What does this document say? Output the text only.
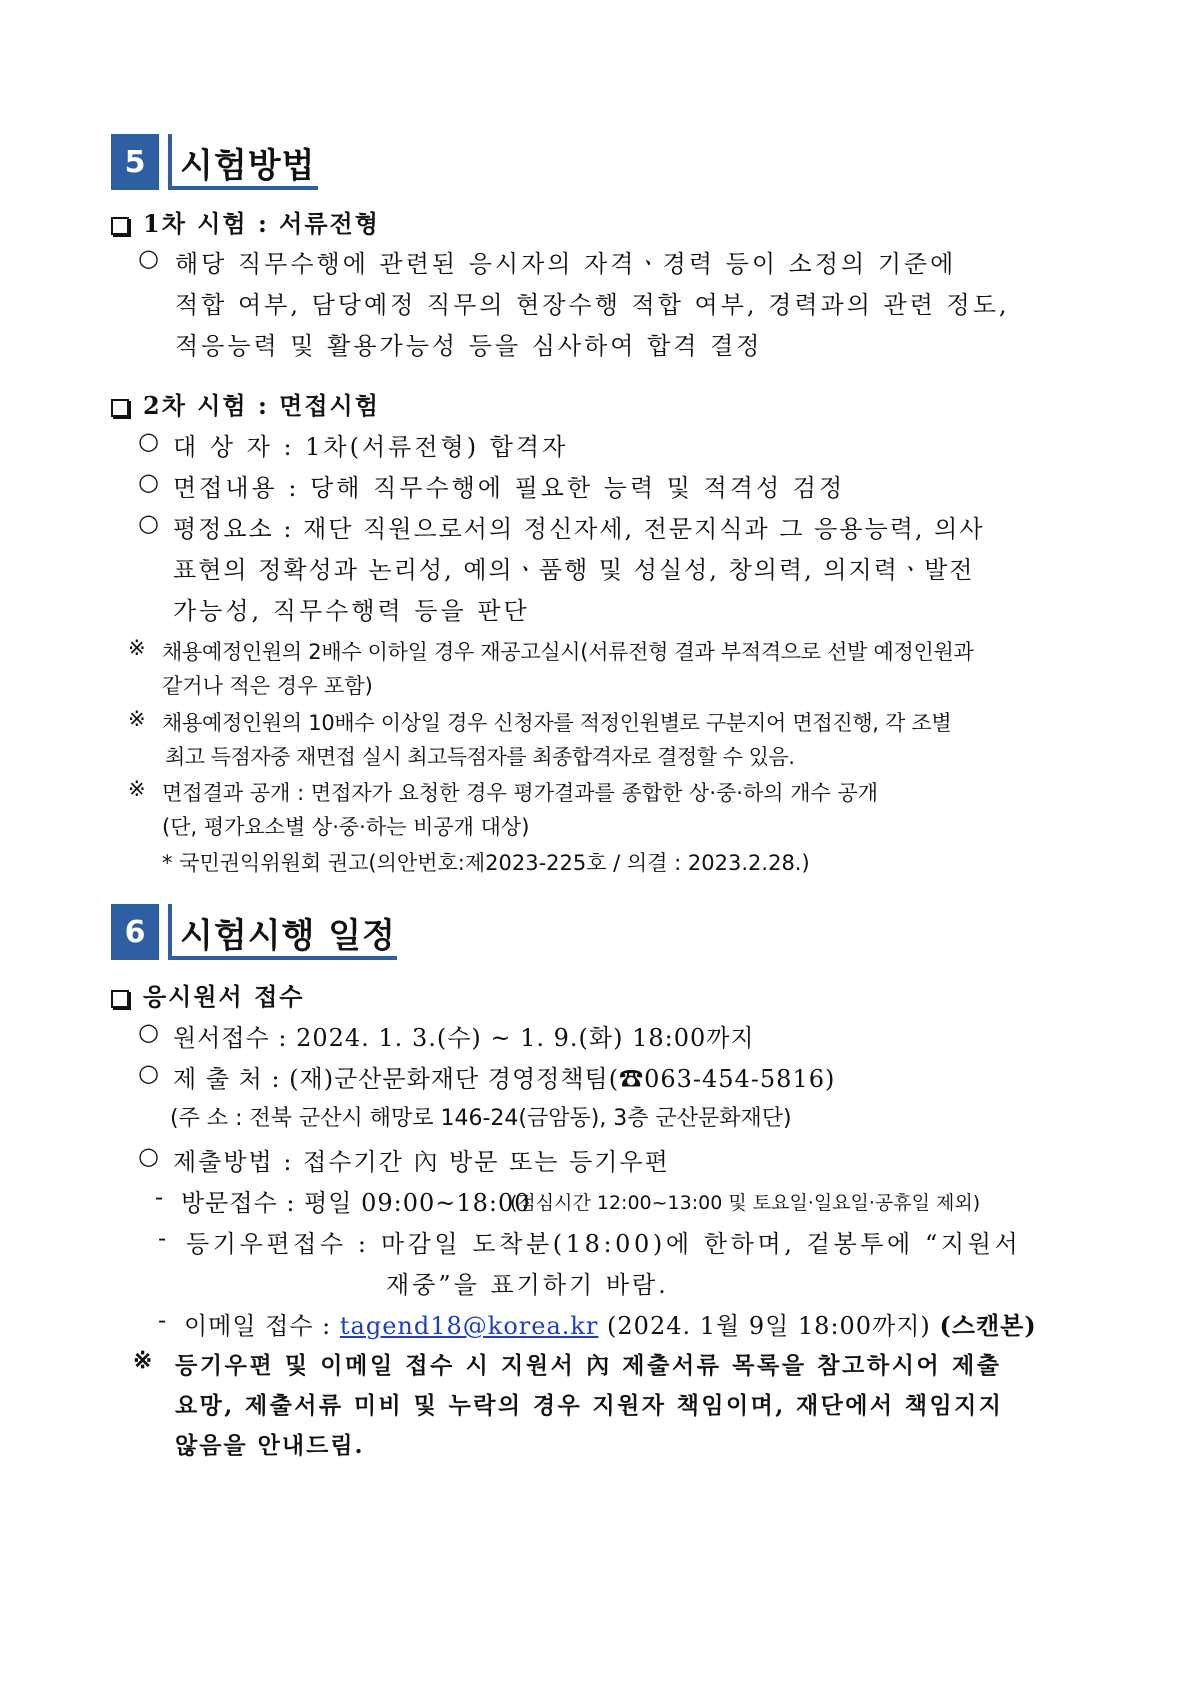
5	시험방법
1차 시험 : 서류전형
○ 해당 직무수행에 관련된 응시자의 자격ㆍ경력 등이 소정의 기준에
적합 여부, 담당예정 직무의 현장수행 적합 여부, 경력과의 관련 정도,
적응능력 및 활용가능성 등을 심사하여 합격 결정
2차 시험 : 면접시험
○ 대 상 자 : 1차(서류전형) 합격자
○ 면접내용 : 당해 직무수행에 필요한 능력 및 적격성 검정
○ 평정요소 : 재단 직원으로서의 정신자세, 전문지식과 그 응용능력, 의사
표현의 정확성과 논리성, 예의ㆍ품행 및 성실성, 창의력, 의지력ㆍ발전
가능성, 직무수행력 등을 판단
※ 채용예정인원의 2배수 이하일 경우 재공고실시(서류전형 결과 부적격으로 선발 예정인원과
같거나 적은 경우 포함)
※ 채용예정인원의 10배수 이상일 경우 신청자를 적정인원별로 구분지어 면접진행, 각 조별
최고 득점자중 재면접 실시 최고득점자를 최종합격자로 결정할 수 있음.
※ 면접결과 공개 : 면접자가 요청한 경우 평가결과를 종합한 상·중·하의 개수 공개
(단, 평가요소별 상·중·하는 비공개 대상)
* 국민권익위원회 권고(의안번호:제2023-225호 / 의결 : 2023.2.28.)
6	시험시행 일정
응시원서 접수
○ 원서접수 : 2024. 1. 3.(수) ~ 1. 9.(화) 18:00까지
○ 제 출 처 : (재)군산문화재단 경영정책팀(☎063-454-5816)
(주 소 : 전북 군산시 해망로 146-24(금암동), 3층 군산문화재단)
○ 제출방법 : 접수기간 內 방문 또는 등기우편
- 방문접수 : 평일 09:00~18:00
(점심시간 12:00~13:00 및 토요일·일요일·공휴일 제외)
- 등기우편접수 : 마감일 도착분(18:00)에 한하며, 겉봉투에 “지원서
재중”을 표기하기 바람.
- 이메일 접수 : tagend18@korea.kr (2024. 1월 9일 18:00까지) (스캔본)
※ 등기우편 및 이메일 접수 시 지원서 內 제출서류 목록을 참고하시어 제출
요망, 제출서류 미비 및 누락의 경우 지원자 책임이며, 재단에서 책임지지
않음을 안내드림.
